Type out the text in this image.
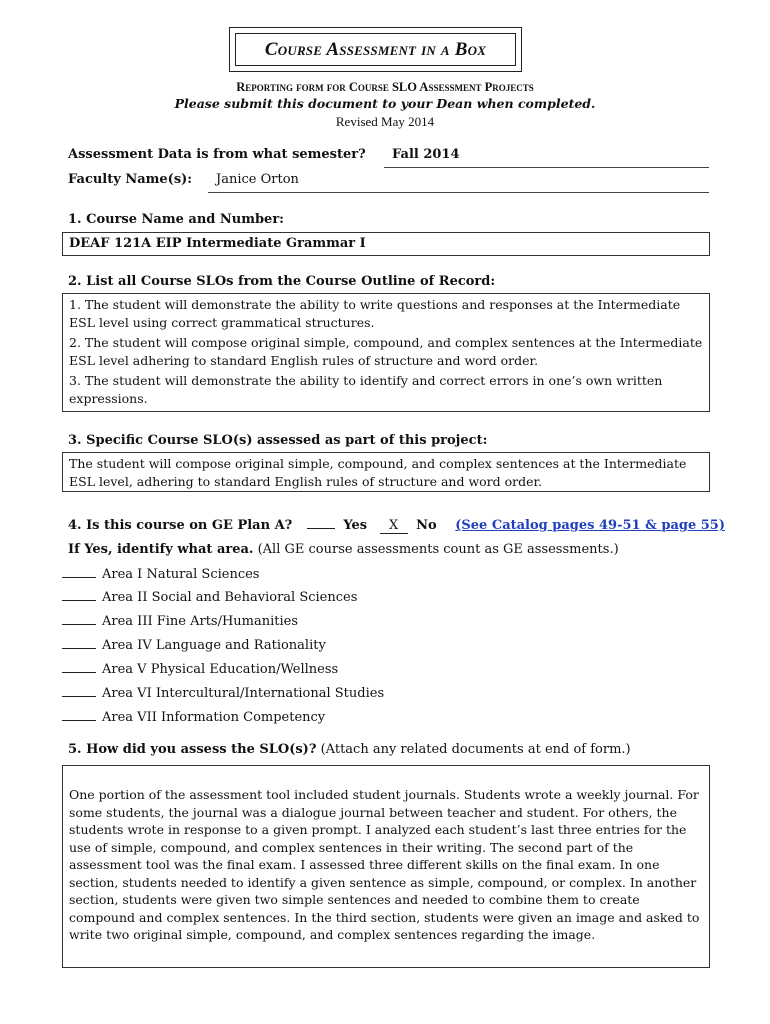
Course Assessment in a Box
Reporting form for Course SLO Assessment Projects
Please submit this document to your Dean when completed.
Revised May 2014
Assessment Data is from what semester? Fall 2014
Faculty Name(s): Janice Orton
1. Course Name and Number:
DEAF 121A EIP Intermediate Grammar I
2. List all Course SLOs from the Course Outline of Record:

1. The student will demonstrate the ability to write questions and responses at the Intermediate ESL level using correct grammatical structures.

2. The student will compose original simple, compound, and complex sentences at the Intermediate ESL level adhering to standard English rules of structure and word order.

3. The student will demonstrate the ability to identify and correct errors in one’s own written expressions.

3. Specific Course SLO(s) assessed as part of this project:
The student will compose original simple, compound, and complex sentences at the Intermediate ESL level, adhering to standard English rules of structure and word order.
4. Is this course on GE Plan A?	Yes X No (See Catalog pages 49-51 & page 55)
If Yes, identify what area. (All GE course assessments count as GE assessments.)
Area I Natural Sciences
Area II Social and Behavioral Sciences
Area III Fine Arts/Humanities
Area IV Language and Rationality
Area V Physical Education/Wellness
Area VI Intercultural/International Studies
Area VII Information Competency
5. How did you assess the SLO(s)? (Attach any related documents at end of form.)
One portion of the assessment tool included student journals. Students wrote a weekly journal. For some students, the journal was a dialogue journal between teacher and student. For others, the students wrote in response to a given prompt. I analyzed each student’s last three entries for the use of simple, compound, and complex sentences in their writing. The second part of the assessment tool was the final exam. I assessed three different skills on the final exam. In one section, students needed to identify a given sentence as simple, compound, or complex. In another section, students were given two simple sentences and needed to combine them to create compound and complex sentences. In the third section, students were given an image and asked to write two original simple, compound, and complex sentences regarding the image.
